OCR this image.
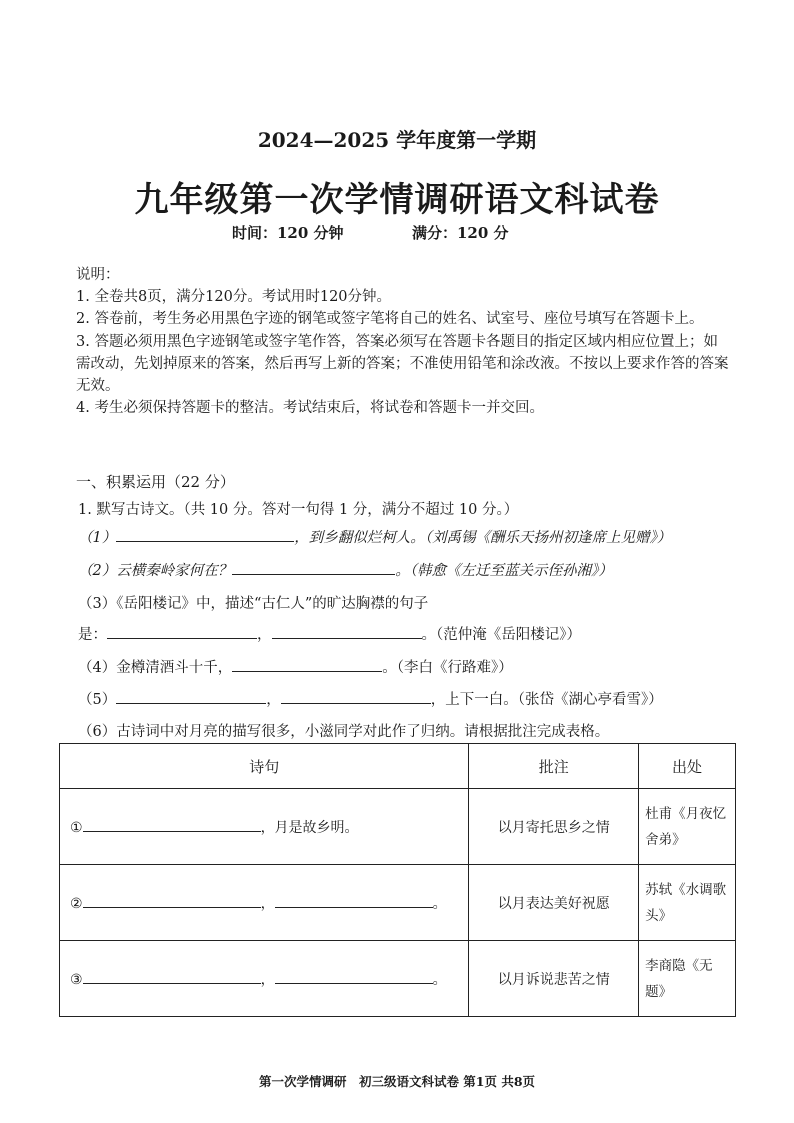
2024—2025 学年度第一学期
九年级第一次学情调研语文科试卷
时间：120 分钟	满分：120 分

说明：

1. 全卷共8页，满分120分。考试用时120分钟。

2. 答卷前，考生务必用黑色字迹的钢笔或签字笔将自己的姓名、试室号、座位号填写在答题卡上。

3. 答题必须用黑色字迹钢笔或签字笔作答，答案必须写在答题卡各题目的指定区域内相应位置上；如需改动，先划掉原来的答案，然后再写上新的答案；不准使用铅笔和涂改液。不按以上要求作答的答案无效。

4. 考生必须保持答题卡的整洁。考试结束后，将试卷和答题卡一并交回。

一、积累运用（22 分）
1. 默写古诗文。（共 10 分。答对一句得 1 分，满分不超过 10 分。）
（1）	，到乡翻似烂柯人。（刘禹锡《酬乐天扬州初逢席上见赠》）
（2）云横秦岭家何在？	。（韩愈《左迁至蓝关示侄孙湘》）
（3）《岳阳楼记》中，描述“古仁人”的旷达胸襟的句子
是：	，	。（范仲淹《岳阳楼记》）
（4）金樽清酒斗十千，	。（李白《行路难》）
（5）	，	，上下一白。（张岱《湖心亭看雪》）
（6）古诗词中对月亮的描写很多，小滋同学对此作了归纳。请根据批注完成表格。
诗句	批注	出处
① ，月是故乡明。	以月寄托思乡之情	杜甫《月夜忆舍弟》
② ， 。	以月表达美好祝愿	苏轼《水调歌头》
③ ， 。	以月诉说悲苦之情	李商隐《无题》
第一次学情调研　初三级语文科试卷 第1页 共8页
